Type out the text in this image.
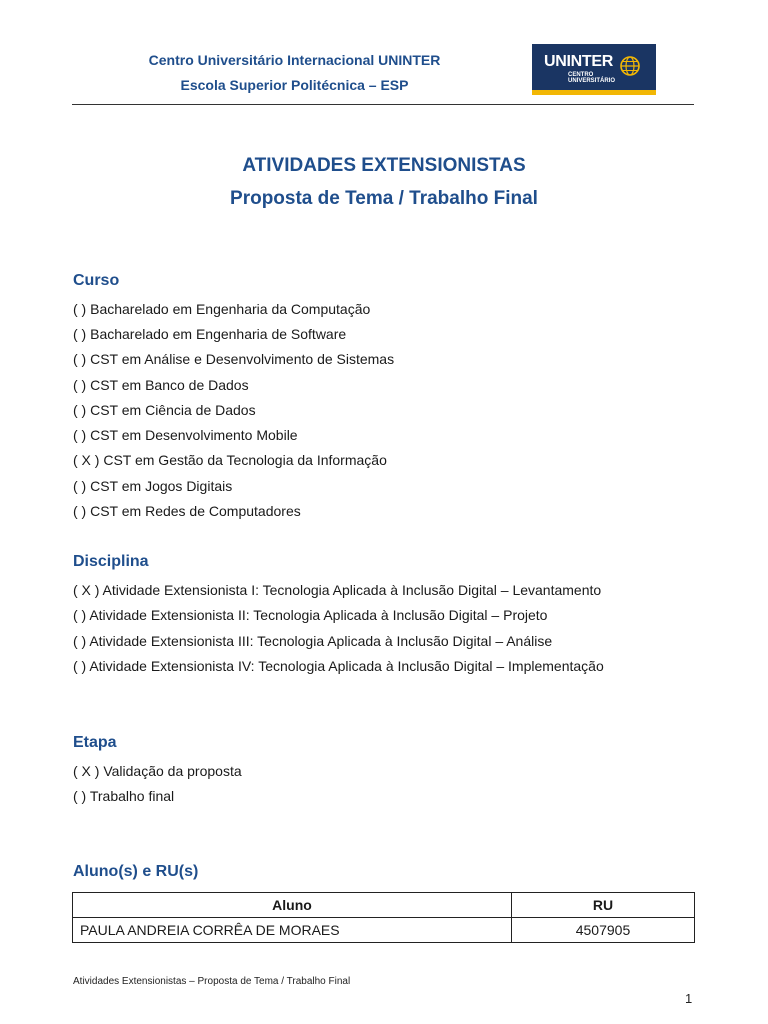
Centro Universitário Internacional UNINTER
Escola Superior Politécnica – ESP
UNINTER
CENTRO
UNIVERSITÁRIO
ATIVIDADES EXTENSIONISTAS
Proposta de Tema / Trabalho Final
Curso
( ) Bacharelado em Engenharia da Computação
( ) Bacharelado em Engenharia de Software
( ) CST em Análise e Desenvolvimento de Sistemas
( ) CST em Banco de Dados
( ) CST em Ciência de Dados
( ) CST em Desenvolvimento Mobile
( X ) CST em Gestão da Tecnologia da Informação
( ) CST em Jogos Digitais
( ) CST em Redes de Computadores
Disciplina
( X ) Atividade Extensionista I: Tecnologia Aplicada à Inclusão Digital – Levantamento
( ) Atividade Extensionista II: Tecnologia Aplicada à Inclusão Digital – Projeto
( ) Atividade Extensionista III: Tecnologia Aplicada à Inclusão Digital – Análise
( ) Atividade Extensionista IV: Tecnologia Aplicada à Inclusão Digital – Implementação
Etapa
( X ) Validação da proposta
( ) Trabalho final
Aluno(s) e RU(s)
Aluno	RU
PAULA ANDREIA CORRÊA DE MORAES	4507905
Atividades Extensionistas – Proposta de Tema / Trabalho Final
1
